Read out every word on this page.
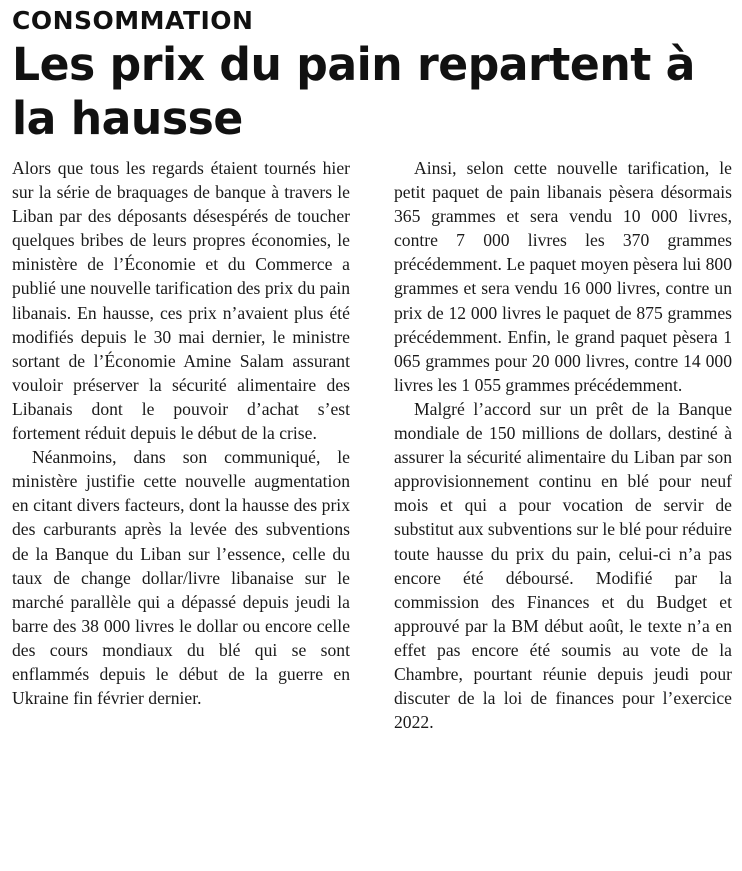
CONSOMMATION
Les prix du pain repartent à la hausse

Alors que tous les regards étaient tournés hier sur la série de braquages de banque à travers le Liban par des déposants désespérés de toucher quelques bribes de leurs propres économies, le ministère de l’Économie et du Commerce a publié une nouvelle tarification des prix du pain libanais. En hausse, ces prix n’avaient plus été modifiés depuis le 30 mai dernier, le ministre sortant de l’Économie Amine Salam assurant vouloir préserver la sécurité alimentaire des Libanais dont le pouvoir d’achat s’est fortement réduit depuis le début de la crise.

Néanmoins, dans son communiqué, le ministère justifie cette nouvelle augmentation en citant divers facteurs, dont la hausse des prix des carburants après la levée des subventions de la Banque du Liban sur l’essence, celle du taux de change dollar/livre libanaise sur le marché parallèle qui a dépassé depuis jeudi la barre des 38 000 livres le dollar ou encore celle des cours mondiaux du blé qui se sont enflammés depuis le début de la guerre en Ukraine fin février dernier.

Ainsi, selon cette nouvelle tarification, le petit paquet de pain libanais pèsera désormais 365 grammes et sera vendu 10 000 livres, contre 7 000 livres les 370 grammes précédemment. Le paquet moyen pèsera lui 800 grammes et sera vendu 16 000 livres, contre un prix de 12 000 livres le paquet de 875 grammes précédemment. Enfin, le grand paquet pèsera 1 065 grammes pour 20 000 livres, contre 14 000 livres les 1 055 grammes précédemment.

Malgré l’accord sur un prêt de la Banque mondiale de 150 millions de dollars, destiné à assurer la sécurité alimentaire du Liban par son approvisionnement continu en blé pour neuf mois et qui a pour vocation de servir de substitut aux subventions sur le blé pour réduire toute hausse du prix du pain, celui-ci n’a pas encore été déboursé. Modifié par la commission des Finances et du Budget et approuvé par la BM début août, le texte n’a en effet pas encore été soumis au vote de la Chambre, pourtant réunie depuis jeudi pour discuter de la loi de finances pour l’exercice 2022.
